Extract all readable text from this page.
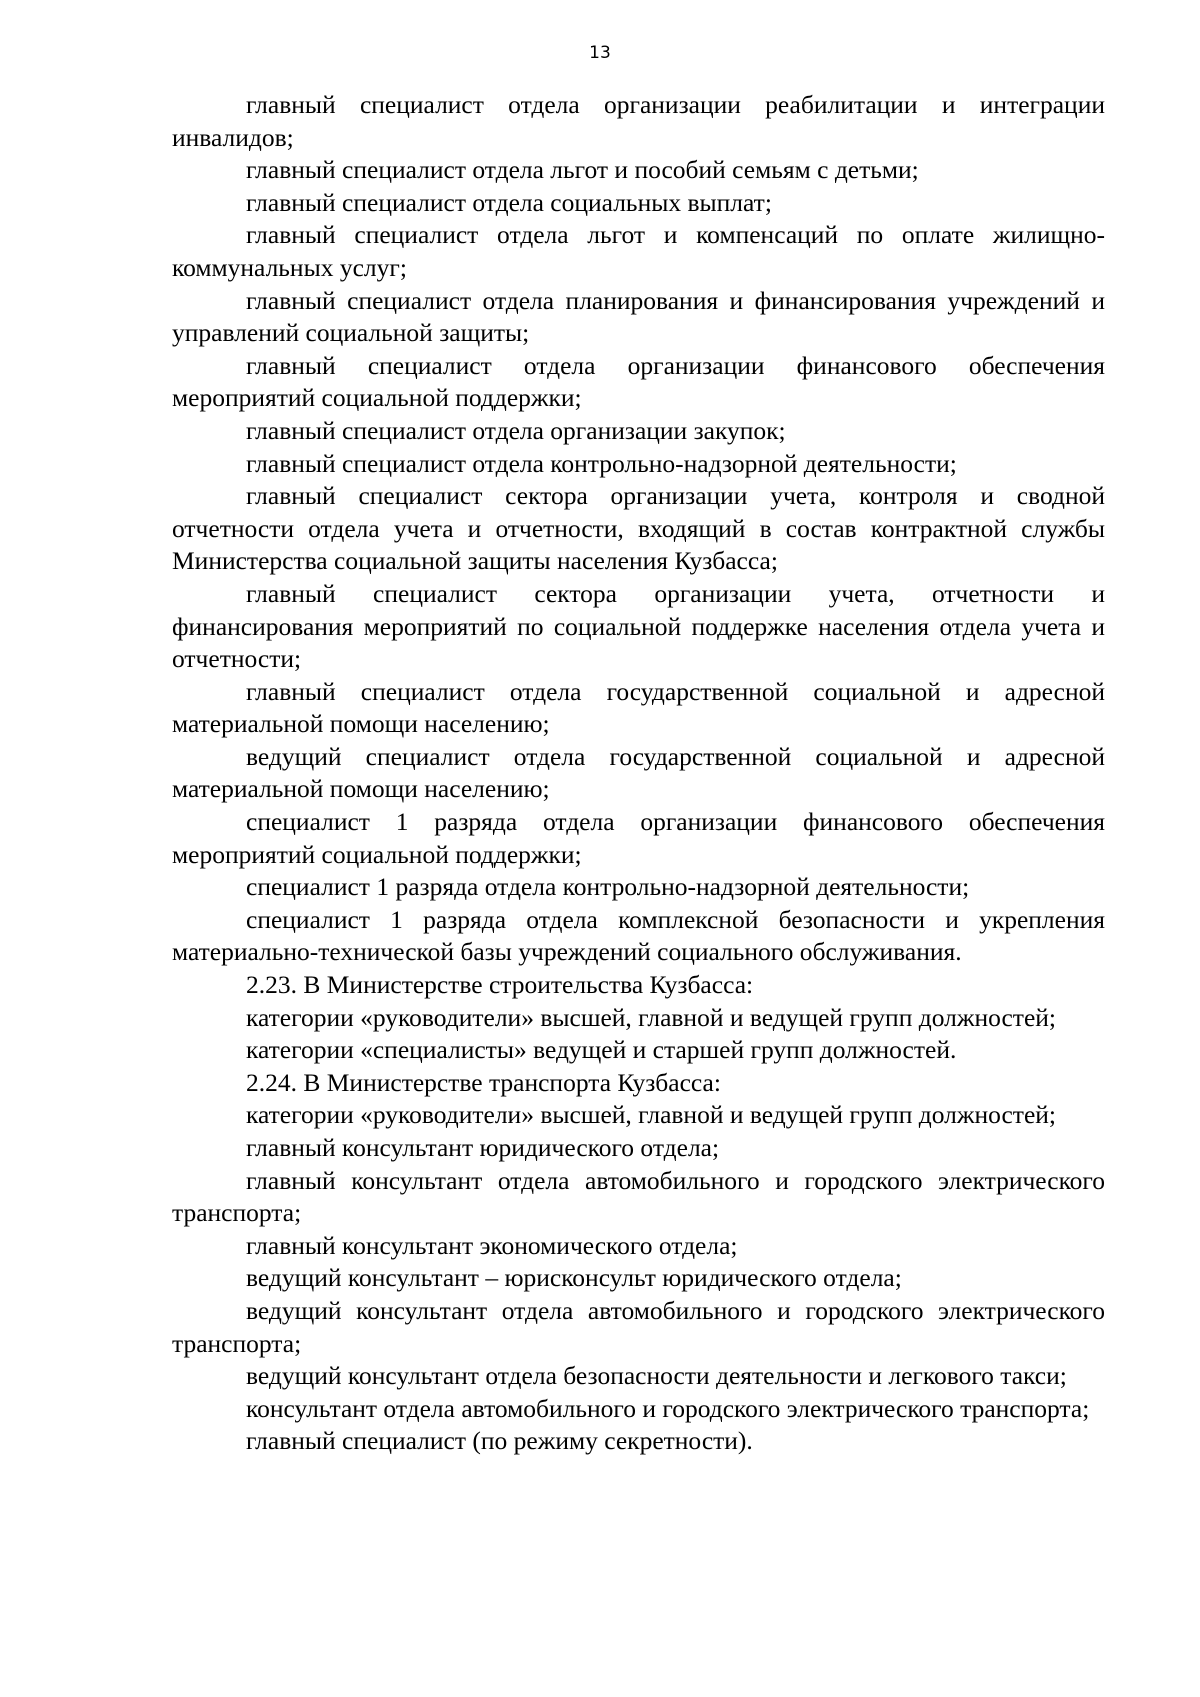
13

главный специалист отдела организации реабилитации и интеграции инвалидов;

главный специалист отдела льгот и пособий семьям с детьми;

главный специалист отдела социальных выплат;

главный специалист отдела льгот и компенсаций по оплате жилищно-коммунальных услуг;

главный специалист отдела планирования и финансирования учреждений и управлений социальной защиты;

главный специалист отдела организации финансового обеспечения мероприятий социальной поддержки;

главный специалист отдела организации закупок;

главный специалист отдела контрольно-надзорной деятельности;

главный специалист сектора организации учета, контроля и сводной отчетности отдела учета и отчетности, входящий в состав контрактной службы Министерства социальной защиты населения Кузбасса;

главный специалист сектора организации учета, отчетности и финансирования мероприятий по социальной поддержке населения отдела учета и отчетности;

главный специалист отдела государственной социальной и адресной материальной помощи населению;

ведущий специалист отдела государственной социальной и адресной материальной помощи населению;

специалист 1 разряда отдела организации финансового обеспечения мероприятий социальной поддержки;

специалист 1 разряда отдела контрольно-надзорной деятельности;

специалист 1 разряда отдела комплексной безопасности и укрепления материально-технической базы учреждений социального обслуживания.

2.23. В Министерстве строительства Кузбасса:

категории «руководители» высшей, главной и ведущей групп должностей;

категории «специалисты» ведущей и старшей групп должностей.

2.24. В Министерстве транспорта Кузбасса:

категории «руководители» высшей, главной и ведущей групп должностей;

главный консультант юридического отдела;

главный консультант отдела автомобильного и городского электрического транспорта;

главный консультант экономического отдела;

ведущий консультант – юрисконсульт юридического отдела;

ведущий консультант отдела автомобильного и городского электрического транспорта;

ведущий консультант отдела безопасности деятельности и легкового такси;

консультант отдела автомобильного и городского электрического транспорта;

главный специалист (по режиму секретности).
